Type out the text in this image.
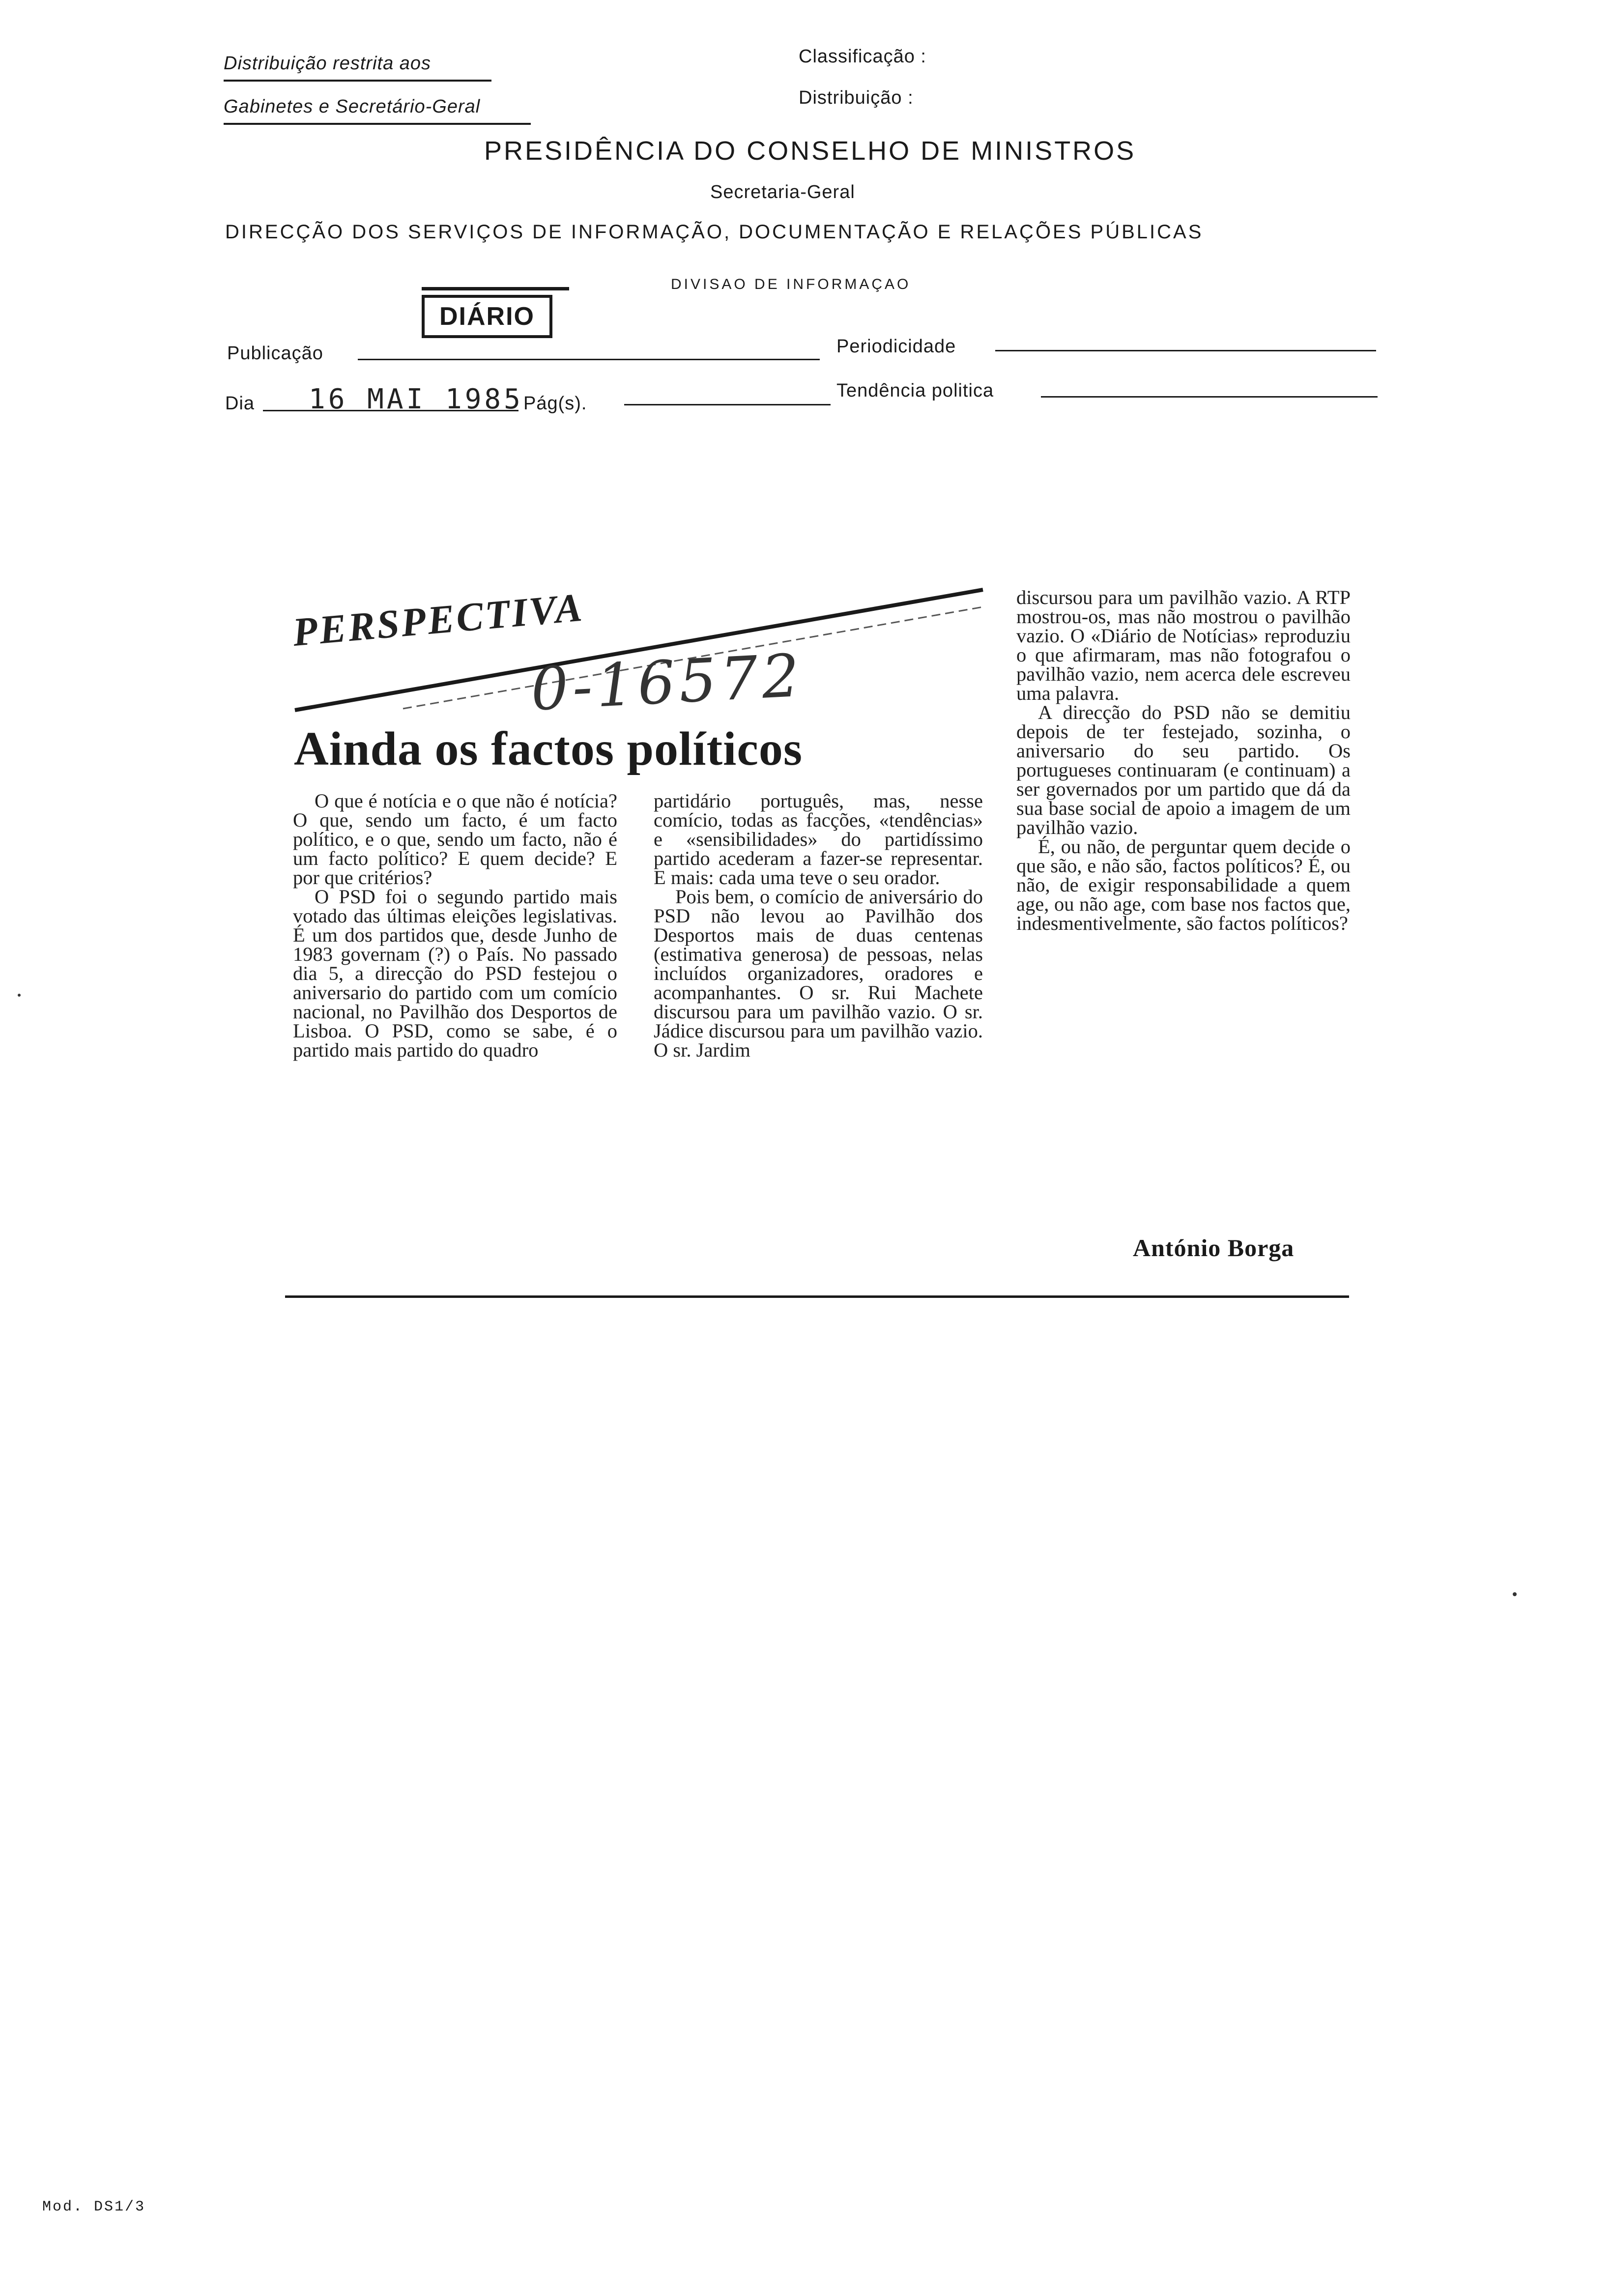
Distribuição restrita aos
Gabinetes e Secretário-Geral
Classificação :
Distribuição :
PRESIDÊNCIA DO CONSELHO DE MINISTROS
Secretaria-Geral
DIRECÇÃO DOS SERVIÇOS DE INFORMAÇÃO, DOCUMENTAÇÃO E RELAÇÕES PÚBLICAS
DIVISAO DE INFORMAÇAO
DIÁRIO
Publicação	Periodicidade
Dia 16 MAI 1985 Pág(s).
Tendência politica
PERSPECTIVA
0-16572
Ainda os factos políticos

O que é notícia e o que não é notícia? O que, sendo um facto, é um facto político, e o que, sendo um facto, não é um facto político? E quem decide? E por que critérios?

O PSD foi o segundo partido mais votado das últimas eleições legislativas. É um dos partidos que, desde Junho de 1983 governam (?) o País. No passado dia 5, a direcção do PSD festejou o aniversario do partido com um comício nacional, no Pavilhão dos Desportos de Lisboa. O PSD, como se sabe, é o partido mais partido do quadro

partidário português, mas, nesse comício, todas as facções, «tendências» e «sensibilidades» do partidíssimo partido acederam a fazer-se representar. E mais: cada uma teve o seu orador.

Pois bem, o comício de aniversário do PSD não levou ao Pavilhão dos Desportos mais de duas centenas (estimativa generosa) de pessoas, nelas incluídos organizadores, oradores e acompanhantes. O sr. Rui Machete discursou para um pavilhão vazio. O sr. Jádice discursou para um pavilhão vazio. O sr. Jardim

discursou para um pavilhão vazio. A RTP mostrou-os, mas não mostrou o pavilhão vazio. O «Diário de Notícias» reproduziu o que afirmaram, mas não fotografou o pavilhão vazio, nem acerca dele escreveu uma palavra.

A direcção do PSD não se demitiu depois de ter festejado, sozinha, o aniversario do seu partido. Os portugueses continuaram (e continuam) a ser governados por um partido que dá da sua base social de apoio a imagem de um pavilhão vazio.

É, ou não, de perguntar quem decide o que são, e não são, factos políticos? É, ou não, de exigir responsabilidade a quem age, ou não age, com base nos factos que, indesmentivelmente, são factos políticos?

António Borga
Mod. DS1/3
